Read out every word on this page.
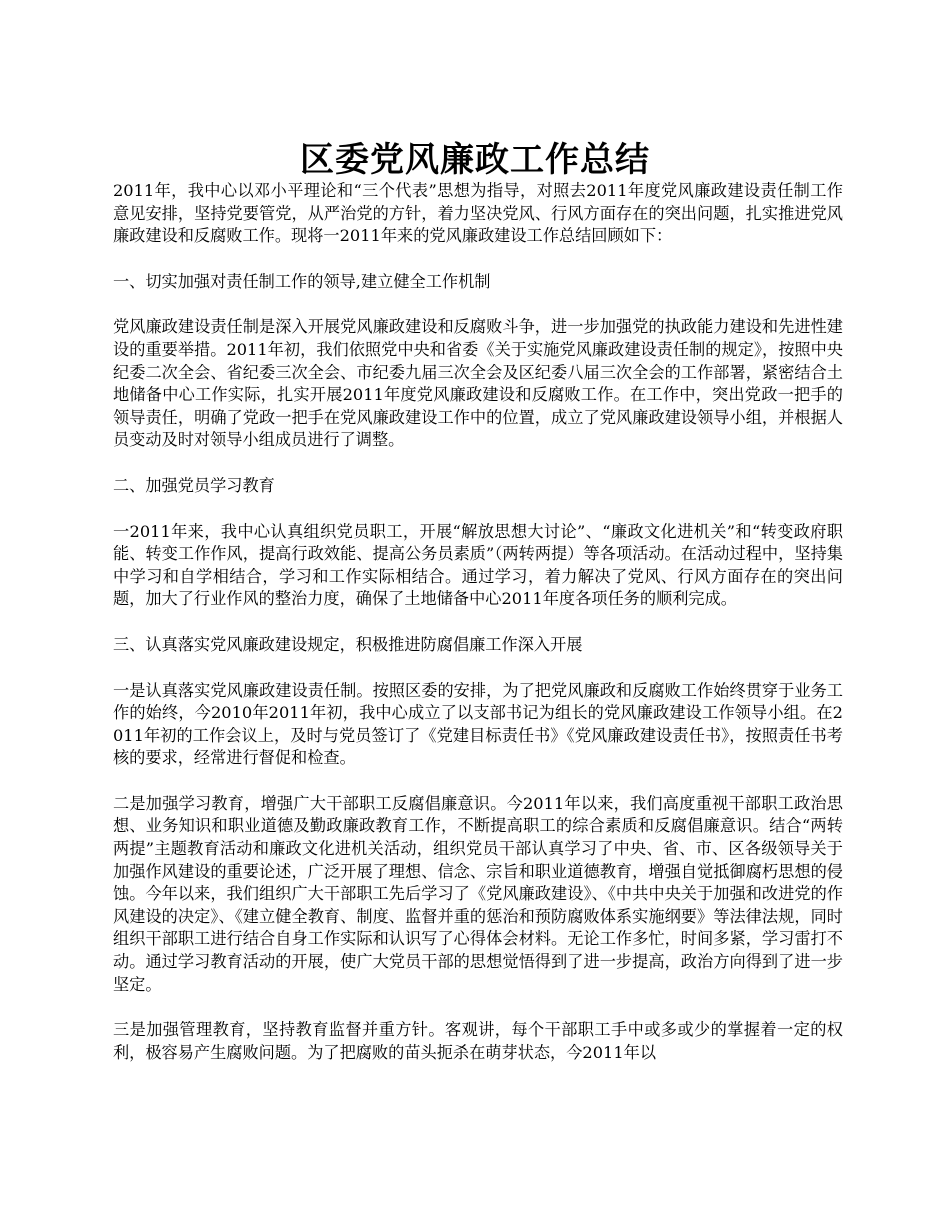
区委党风廉政工作总结

2011年，我中心以邓小平理论和“三个代表”思想为指导，对照去2011年度党风廉政建设责任制工作意见安排，坚持党要管党，从严治党的方针，着力坚决党风、行风方面存在的突出问题，扎实推进党风廉政建设和反腐败工作。现将一2011年来的党风廉政建设工作总结回顾如下：

一、切实加强对责任制工作的领导,建立健全工作机制

党风廉政建设责任制是深入开展党风廉政建设和反腐败斗争，进一步加强党的执政能力建设和先进性建设的重要举措。2011年初，我们依照党中央和省委《关于实施党风廉政建设责任制的规定》，按照中央纪委二次全会、省纪委三次全会、市纪委九届三次全会及区纪委八届三次全会的工作部署，紧密结合土地储备中心工作实际，扎实开展2011年度党风廉政建设和反腐败工作。在工作中，突出党政一把手的领导责任，明确了党政一把手在党风廉政建设工作中的位置，成立了党风廉政建设领导小组，并根据人员变动及时对领导小组成员进行了调整。

二、加强党员学习教育

一2011年来，我中心认真组织党员职工，开展“解放思想大讨论”、“廉政文化进机关”和“转变政府职能、转变工作作风，提高行政效能、提高公务员素质”（两转两提）等各项活动。在活动过程中，坚持集中学习和自学相结合，学习和工作实际相结合。通过学习，着力解决了党风、行风方面存在的突出问题，加大了行业作风的整治力度，确保了土地储备中心2011年度各项任务的顺利完成。

三、认真落实党风廉政建设规定，积极推进防腐倡廉工作深入开展

一是认真落实党风廉政建设责任制。按照区委的安排，为了把党风廉政和反腐败工作始终贯穿于业务工作的始终，今2010年2011年初，我中心成立了以支部书记为组长的党风廉政建设工作领导小组。在2011年初的工作会议上，及时与党员签订了《党建目标责任书》《党风廉政建设责任书》，按照责任书考核的要求，经常进行督促和检查。

二是加强学习教育，增强广大干部职工反腐倡廉意识。今2011年以来，我们高度重视干部职工政治思想、业务知识和职业道德及勤政廉政教育工作，不断提高职工的综合素质和反腐倡廉意识。结合“两转两提”主题教育活动和廉政文化进机关活动，组织党员干部认真学习了中央、省、市、区各级领导关于加强作风建设的重要论述，广泛开展了理想、信念、宗旨和职业道德教育，增强自觉抵御腐朽思想的侵蚀。今年以来，我们组织广大干部职工先后学习了《党风廉政建设》、《中共中央关于加强和改进党的作风建设的决定》、《建立健全教育、制度、监督并重的惩治和预防腐败体系实施纲要》等法律法规，同时组织干部职工进行结合自身工作实际和认识写了心得体会材料。无论工作多忙，时间多紧，学习雷打不动。通过学习教育活动的开展，使广大党员干部的思想觉悟得到了进一步提高，政治方向得到了进一步坚定。

三是加强管理教育，坚持教育监督并重方针。客观讲，每个干部职工手中或多或少的掌握着一定的权利，极容易产生腐败问题。为了把腐败的苗头扼杀在萌芽状态，今2011年以
